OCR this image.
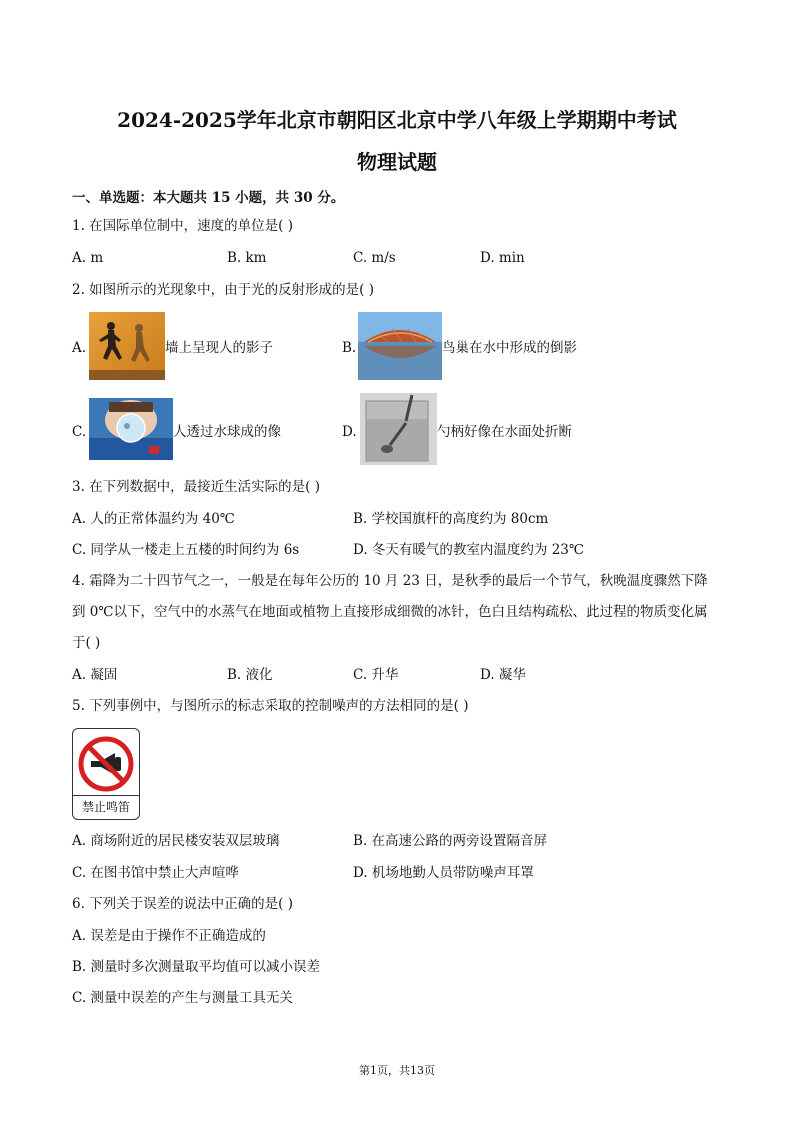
2024-2025学年北京市朝阳区北京中学八年级上学期期中考试
物理试题
一、单选题：本大题共 15 小题，共 30 分。
1. 在国际单位制中，速度的单位是( )
A. m	B. km	C. m/s	D. min
2. 如图所示的光现象中，由于光的反射形成的是( )
A.	墙上呈现人的影子	B.	鸟巢在水中形成的倒影
C.	人透过水球成的像	D.	勺柄好像在水面处折断
3. 在下列数据中，最接近生活实际的是( )
A. 人的正常体温约为 40℃	B. 学校国旗杆的高度约为 80cm
C. 同学从一楼走上五楼的时间约为 6s	D. 冬天有暖气的教室内温度约为 23℃
4. 霜降为二十四节气之一，一般是在每年公历的 10 月 23 日，是秋季的最后一个节气，秋晚温度骤然下降
到 0℃以下，空气中的水蒸气在地面或植物上直接形成细微的冰针，色白且结构疏松、此过程的物质变化属
于( )
A. 凝固	B. 液化	C. 升华	D. 凝华
5. 下列事例中，与图所示的标志采取的控制噪声的方法相同的是( )
禁止鸣笛
A. 商场附近的居民楼安装双层玻璃	B. 在高速公路的两旁设置隔音屏
C. 在图书馆中禁止大声喧哗	D. 机场地勤人员带防噪声耳罩
6. 下列关于误差的说法中正确的是( )
A. 误差是由于操作不正确造成的
B. 测量时多次测量取平均值可以减小误差
C. 测量中误差的产生与测量工具无关
第1页，共13页
